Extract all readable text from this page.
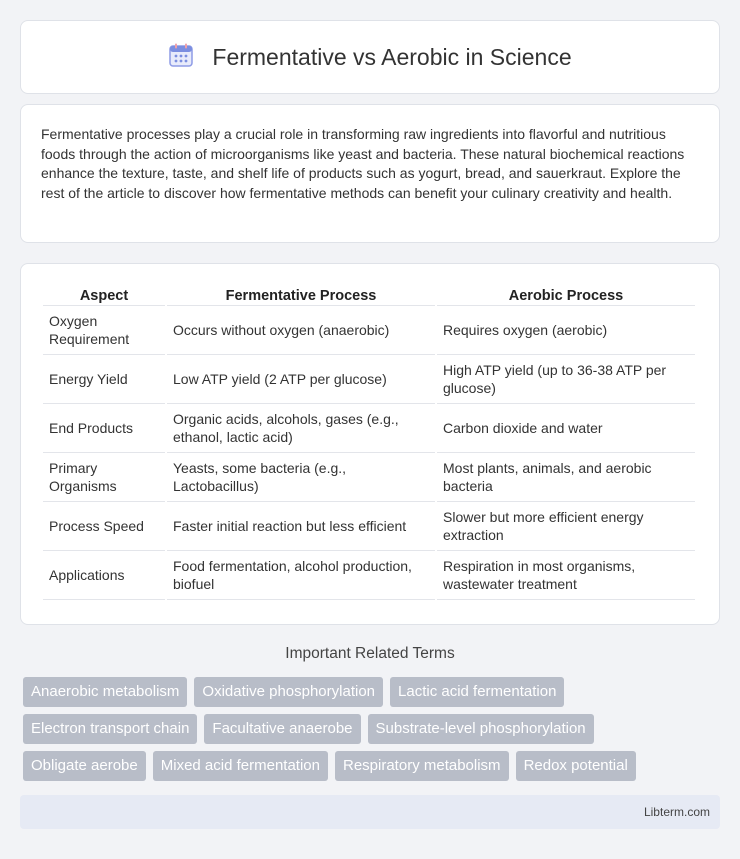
Fermentative vs Aerobic in Science

Fermentative processes play a crucial role in transforming raw ingredients into flavorful and nutritious foods through the action of microorganisms like yeast and bacteria. These natural biochemical reactions enhance the texture, taste, and shelf life of products such as yogurt, bread, and sauerkraut. Explore the rest of the article to discover how fermentative methods can benefit your culinary creativity and health.

Aspect	Fermentative Process	Aerobic Process
Oxygen Requirement	Occurs without oxygen (anaerobic)	Requires oxygen (aerobic)
Energy Yield	Low ATP yield (2 ATP per glucose)	High ATP yield (up to 36-38 ATP per glucose)
End Products	Organic acids, alcohols, gases (e.g., ethanol, lactic acid)	Carbon dioxide and water
Primary Organisms	Yeasts, some bacteria (e.g., Lactobacillus)	Most plants, animals, and aerobic bacteria
Process Speed	Faster initial reaction but less efficient	Slower but more efficient energy extraction
Applications	Food fermentation, alcohol production, biofuel	Respiration in most organisms, wastewater treatment
Important Related Terms
Anaerobic metabolism	Oxidative phosphorylation	Lactic acid fermentation
Electron transport chain	Facultative anaerobe	Substrate-level phosphorylation
Obligate aerobe	Mixed acid fermentation	Respiratory metabolism	Redox potential
Libterm.com
